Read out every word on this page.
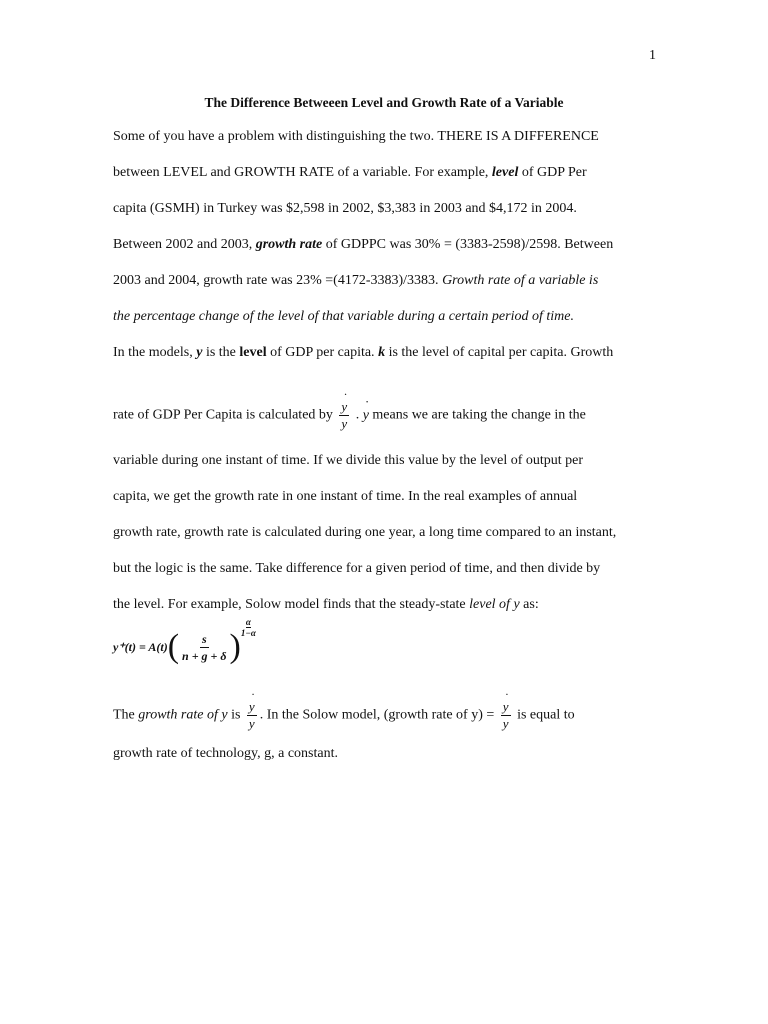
1
The Difference Betweeen Level and Growth Rate of a Variable
Some of you have a problem with distinguishing the two. THERE IS A DIFFERENCE
between LEVEL and GROWTH RATE of a variable. For example, level of GDP Per
capita (GSMH) in Turkey was $2,598 in 2002, $3,383 in 2003 and $4,172 in 2004.
Between 2002 and 2003, growth rate of GDPPC was 30% = (3383-2598)/2598. Between
2003 and 2004, growth rate was 23% =(4172-3383)/3383. Growth rate of a variable is
the percentage change of the level of that variable during a certain period of time.
In the models, y is the level of GDP per capita. k is the level of capital per capita. Growth
rate of GDP Per Capita is calculated by ˙ $\frac{y}{y}$ . ˙ y means we are taking the change in the
variable during one instant of time. If we divide this value by the level of output per
capita, we get the growth rate in one instant of time. In the real examples of annual
growth rate, growth rate is calculated during one year, a long time compared to an instant,
but the logic is the same. Take difference for a given period of time, and then divide by
the level. For example, Solow model finds that the steady-state level of y as:
y⁺(t) = A(t) ( $\frac{s}{n + g + \delta}$ )
$\frac{\alpha}{1-\alpha}$
The growth rate of y is ˙ $\frac{y}{y}$ . In the Solow model, (growth rate of y) = ˙ $\frac{y}{y}$ is equal to
growth rate of technology, g, a constant.
